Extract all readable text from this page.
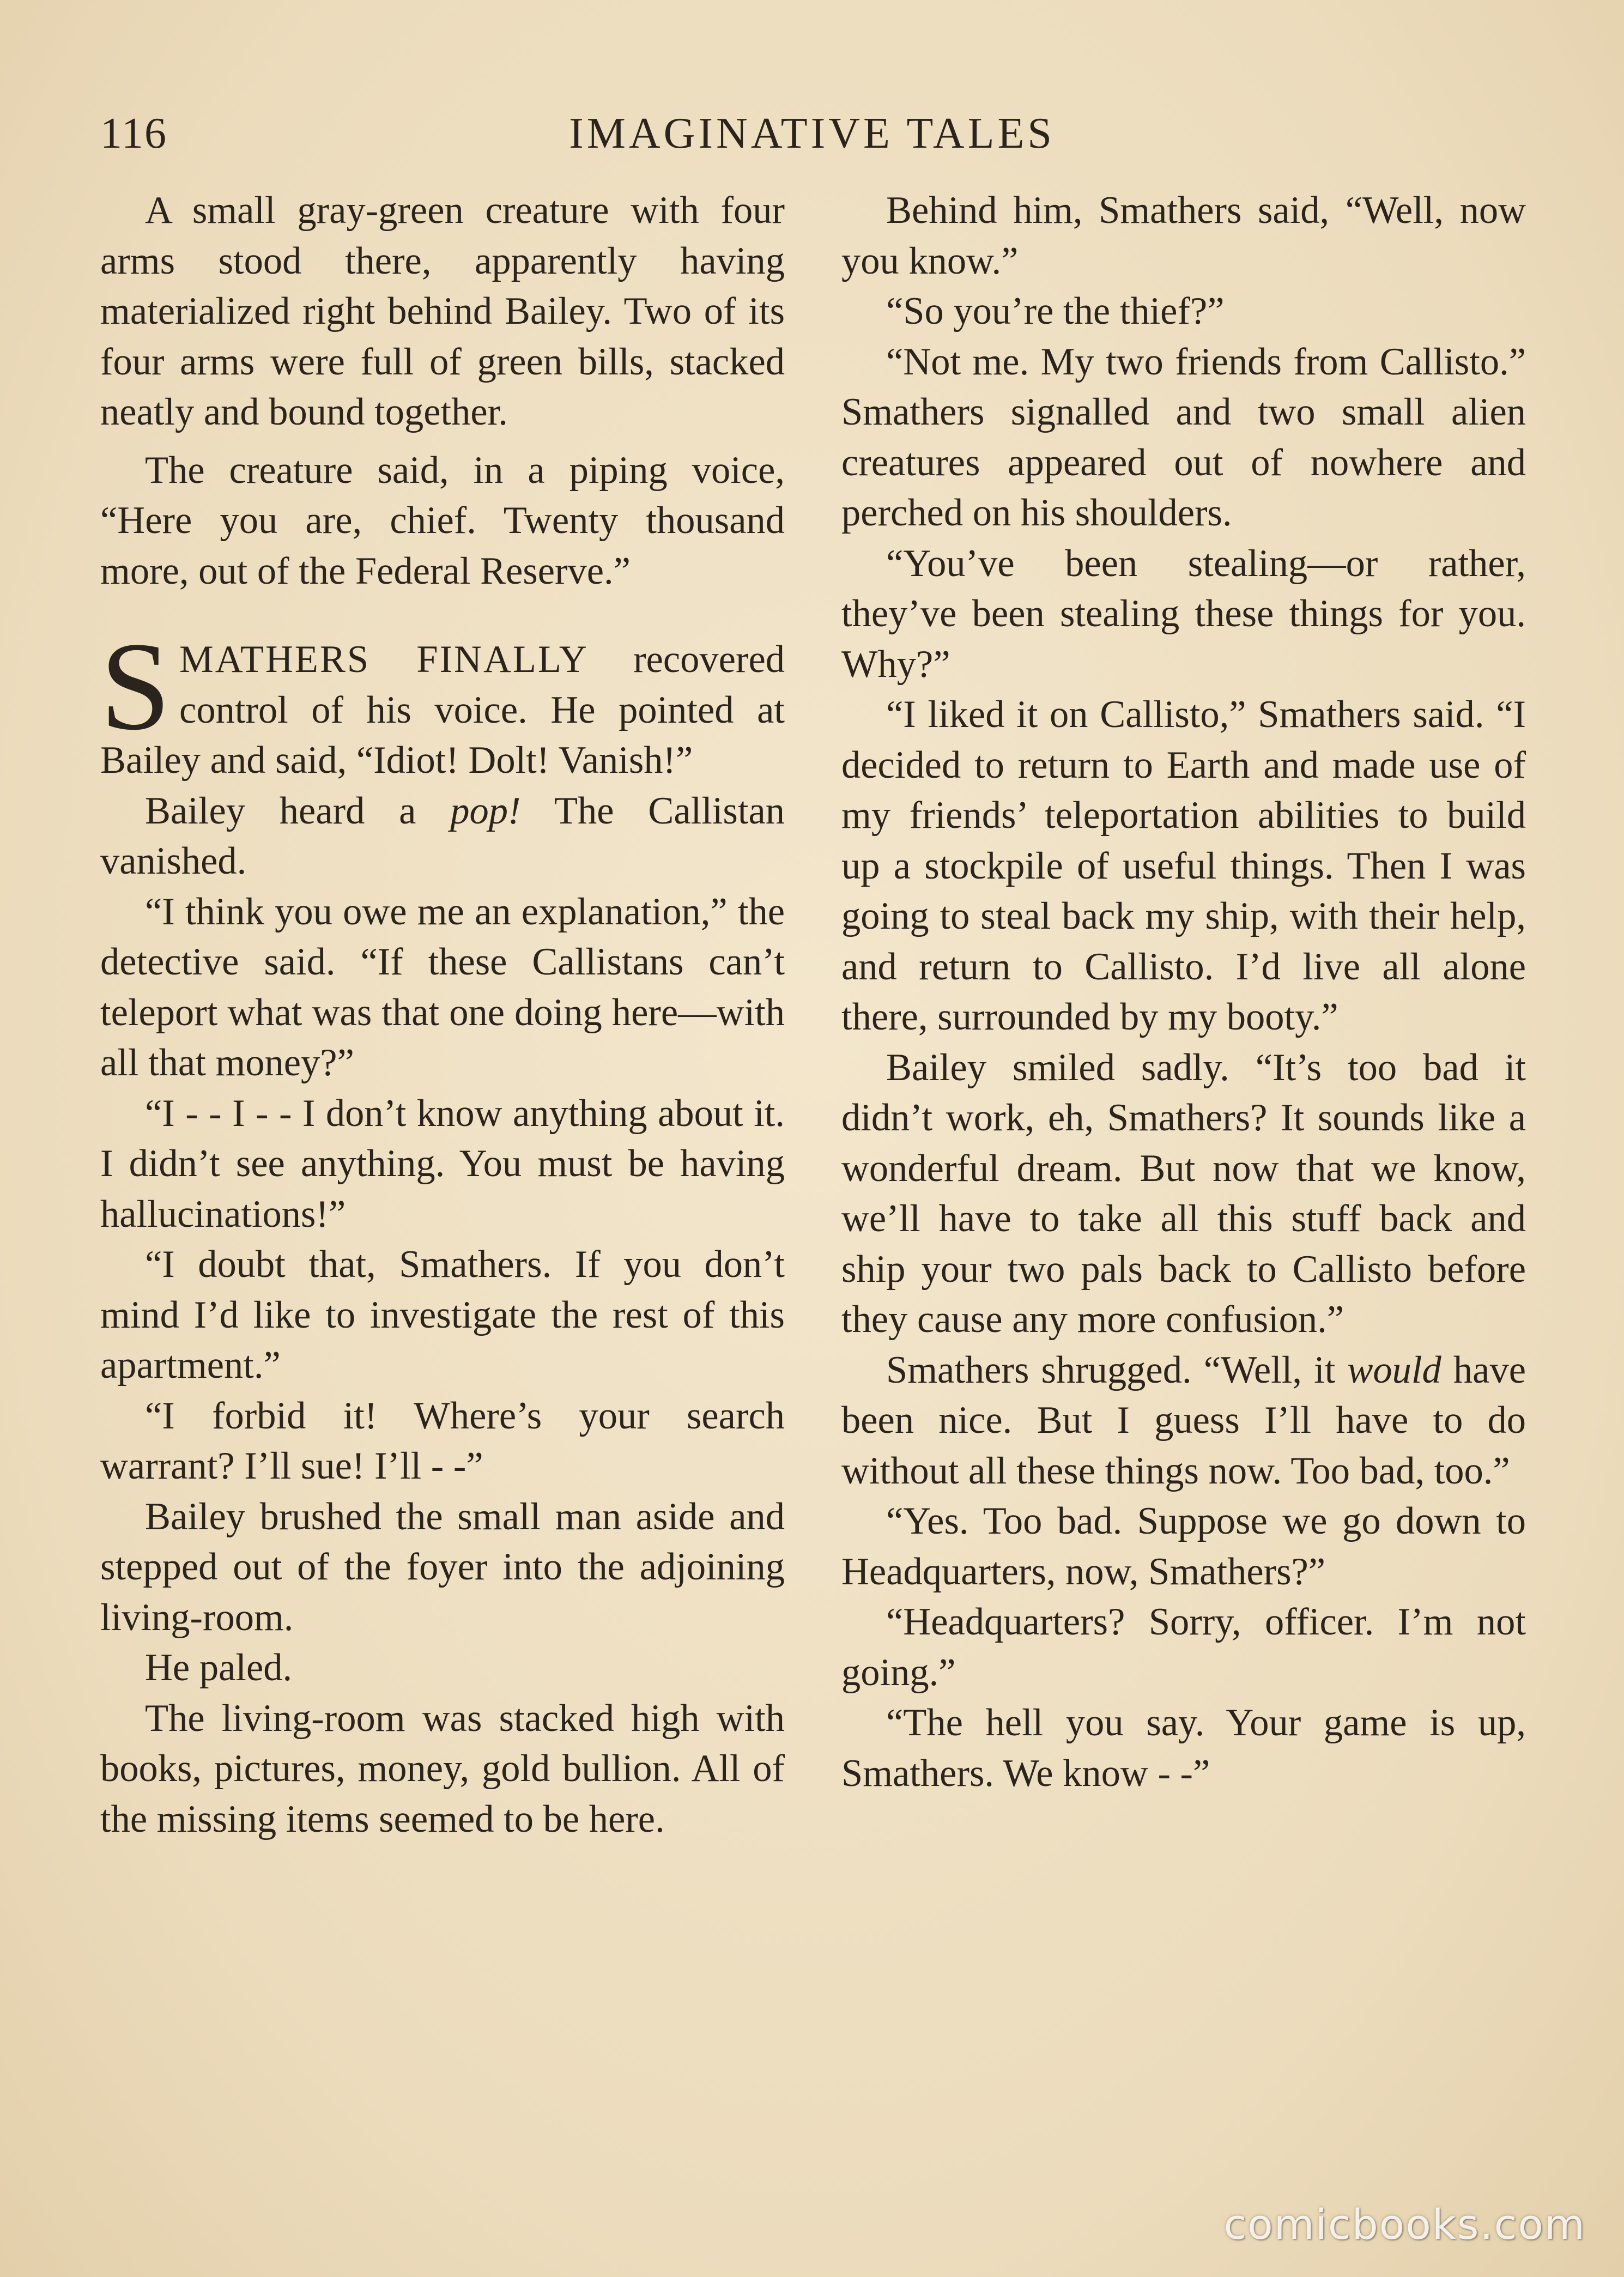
116	IMAGINATIVE TALES

A small gray-green creature with four arms stood there, apparently having materialized right behind Bailey. Two of its four arms were full of green bills, stacked neatly and bound together.

The creature said, in a piping voice, “Here you are, chief. Twenty thousand more, out of the Federal Reserve.”

SMATHERS FINALLY recovered control of his voice. He pointed at Bailey and said, “Idiot! Dolt! Vanish!”

Bailey heard a pop! The Callistan vanished.

“I think you owe me an explanation,” the detective said. “If these Callistans can’t teleport what was that one doing here—with all that money?”

“I - - I - - I don’t know anything about it. I didn’t see anything. You must be having hallucinations!”

“I doubt that, Smathers. If you don’t mind I’d like to investigate the rest of this apartment.”

“I forbid it! Where’s your search warrant? I’ll sue! I’ll - -”

Bailey brushed the small man aside and stepped out of the foyer into the adjoining living-room.

He paled.

The living-room was stacked high with books, pictures, money, gold bullion. All of the missing items seemed to be here.

Behind him, Smathers said, “Well, now you know.”

“So you’re the thief?”

“Not me. My two friends from Callisto.” Smathers signalled and two small alien creatures appeared out of nowhere and perched on his shoulders.

“You’ve been stealing—or rather, they’ve been stealing these things for you. Why?”

“I liked it on Callisto,” Smathers said. “I decided to return to Earth and made use of my friends’ teleportation abilities to build up a stockpile of useful things. Then I was going to steal back my ship, with their help, and return to Callisto. I’d live all alone there, surrounded by my booty.”

Bailey smiled sadly. “It’s too bad it didn’t work, eh, Smathers? It sounds like a wonderful dream. But now that we know, we’ll have to take all this stuff back and ship your two pals back to Callisto before they cause any more confusion.”

Smathers shrugged. “Well, it would have been nice. But I guess I’ll have to do without all these things now. Too bad, too.”

“Yes. Too bad. Suppose we go down to Headquarters, now, Smathers?”

“Headquarters? Sorry, officer. I’m not going.”

“The hell you say. Your game is up, Smathers. We know - -”

comicbooks.com
